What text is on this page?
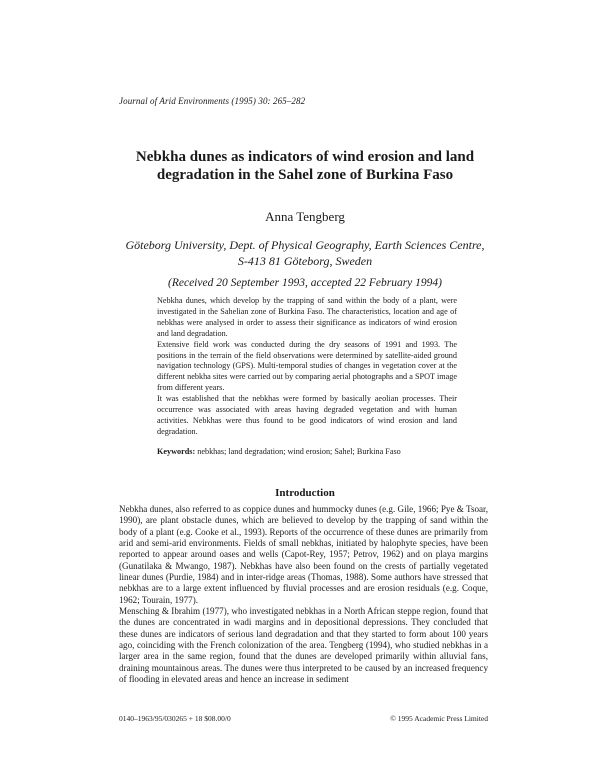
Journal of Arid Environments (1995) 30: 265–282
Nebkha dunes as indicators of wind erosion and land degradation in the Sahel zone of Burkina Faso
Anna Tengberg
Göteborg University, Dept. of Physical Geography, Earth Sciences Centre,
S-413 81 Göteborg, Sweden
(Received 20 September 1993, accepted 22 February 1994)

Nebkha dunes, which develop by the trapping of sand within the body of a plant, were investigated in the Sahelian zone of Burkina Faso. The characteristics, location and age of nebkhas were analysed in order to assess their significance as indicators of wind erosion and land degradation.

Extensive field work was conducted during the dry seasons of 1991 and 1993. The positions in the terrain of the field observations were determined by satellite-aided ground navigation technology (GPS). Multi-temporal studies of changes in vegetation cover at the different nebkha sites were carried out by comparing aerial photographs and a SPOT image from different years.

It was established that the nebkhas were formed by basically aeolian processes. Their occurrence was associated with areas having degraded vegetation and with human activities. Nebkhas were thus found to be good indicators of wind erosion and land degradation.

Keywords: nebkhas; land degradation; wind erosion; Sahel; Burkina Faso
Introduction

Nebkha dunes, also referred to as coppice dunes and hummocky dunes (e.g. Gile, 1966; Pye & Tsoar, 1990), are plant obstacle dunes, which are believed to develop by the trapping of sand within the body of a plant (e.g. Cooke et al., 1993). Reports of the occurrence of these dunes are primarily from arid and semi-arid environments. Fields of small nebkhas, initiated by halophyte species, have been reported to appear around oases and wells (Capot-Rey, 1957; Petrov, 1962) and on playa margins (Gunatilaka & Mwango, 1987). Nebkhas have also been found on the crests of partially vegetated linear dunes (Purdie, 1984) and in inter-ridge areas (Thomas, 1988). Some authors have stressed that nebkhas are to a large extent influenced by fluvial processes and are erosion residuals (e.g. Coque, 1962; Tourain, 1977).

Mensching & Ibrahim (1977), who investigated nebkhas in a North African steppe region, found that the dunes are concentrated in wadi margins and in depositional depressions. They concluded that these dunes are indicators of serious land degradation and that they started to form about 100 years ago, coinciding with the French colonization of the area. Tengberg (1994), who studied nebkhas in a larger area in the same region, found that the dunes are developed primarily within alluvial fans, draining mountainous areas. The dunes were thus interpreted to be caused by an increased frequency of flooding in elevated areas and hence an increase in sediment

0140–1963/95/030265 + 18 $08.00/0	© 1995 Academic Press Limited
